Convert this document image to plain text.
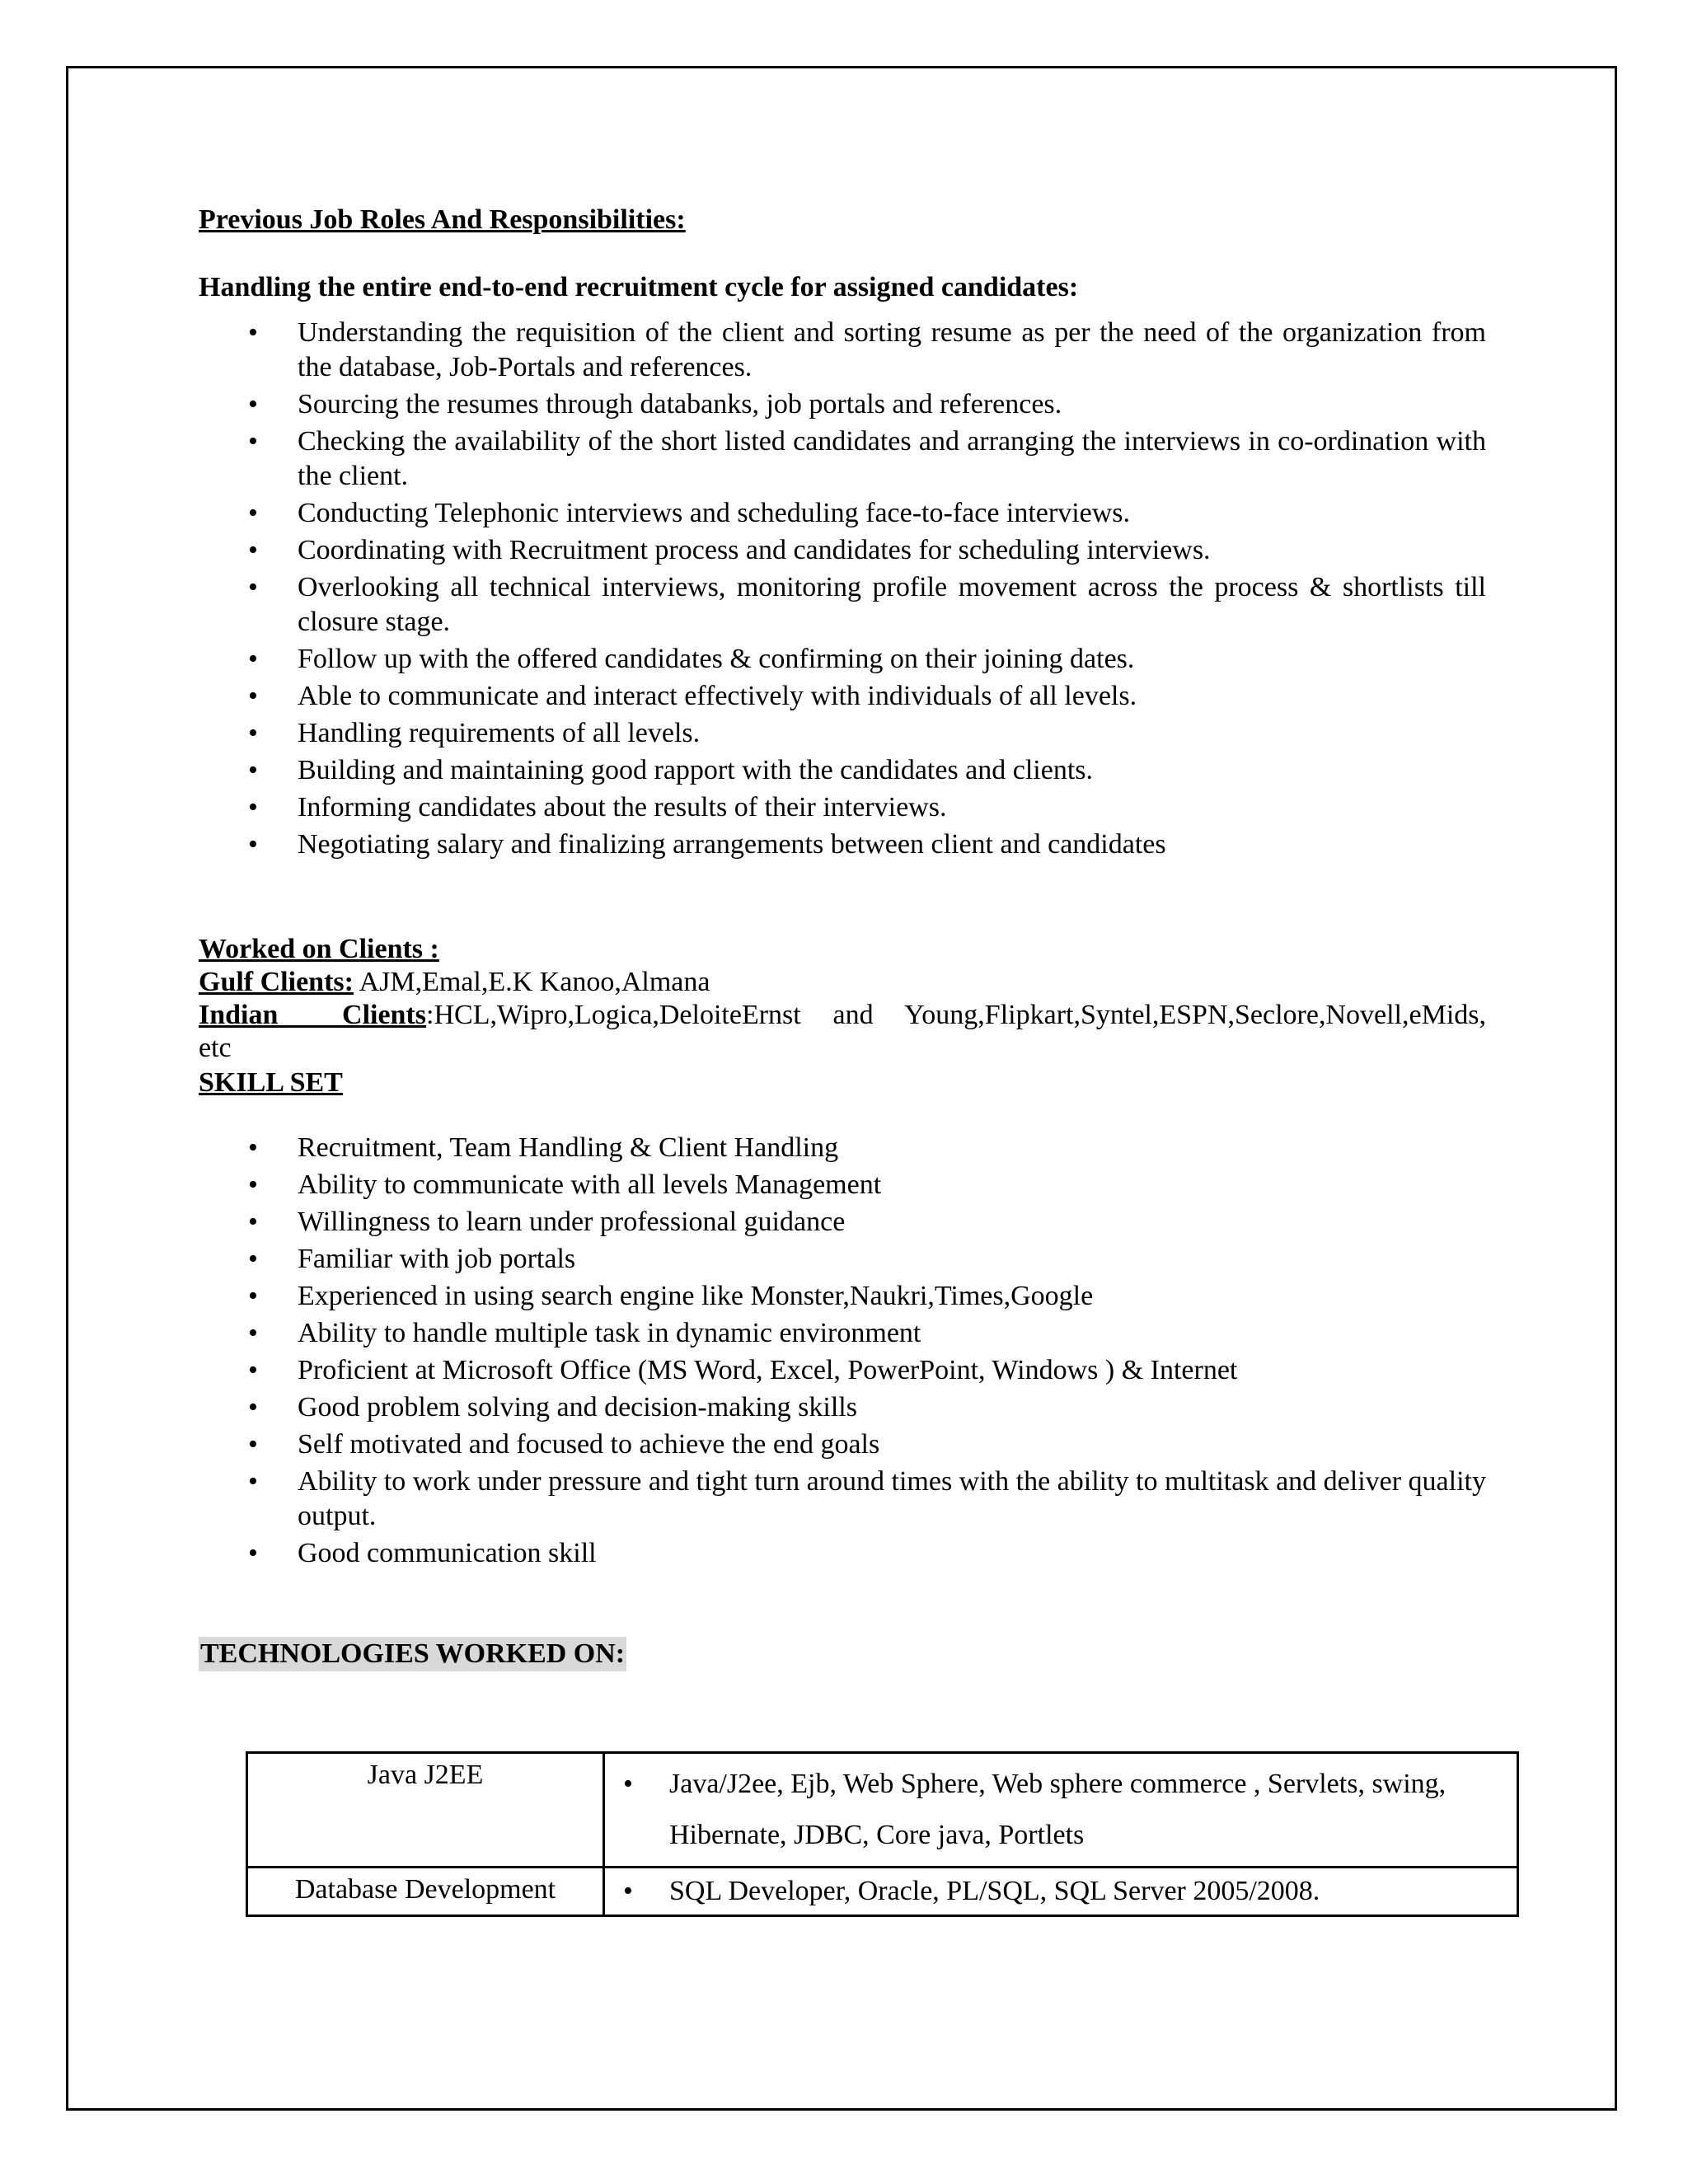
Previous Job Roles And Responsibilities:

Handling the entire end-to-end recruitment cycle for assigned candidates:

• Understanding the requisition of the client and sorting resume as per the need of the organization from the database, Job-Portals and references.
• Sourcing the resumes through databanks, job portals and references.
• Checking the availability of the short listed candidates and arranging the interviews in co-ordination with the client.
• Conducting Telephonic interviews and scheduling face-to-face interviews.
• Coordinating with Recruitment process and candidates for scheduling interviews.
• Overlooking all technical interviews, monitoring profile movement across the process & shortlists till closure stage.
• Follow up with the offered candidates & confirming on their joining dates.
• Able to communicate and interact effectively with individuals of all levels.
• Handling requirements of all levels.
• Building and maintaining good rapport with the candidates and clients.
• Informing candidates about the results of their interviews.
• Negotiating salary and finalizing arrangements between client and candidates

Worked on Clients :

Gulf Clients: AJM,Emal,E.K Kanoo,Almana

Indian  Clients:HCL,Wipro,Logica,DeloiteErnst and Young,Flipkart,Syntel,ESPN,Seclore,Novell,eMids,

etc

SKILL SET

• Recruitment, Team Handling & Client Handling
• Ability to communicate with all levels Management
• Willingness to learn under professional guidance
• Familiar with job portals
• Experienced in using search engine like Monster,Naukri,Times,Google
• Ability to handle multiple task in dynamic environment
• Proficient at Microsoft Office (MS Word, Excel, PowerPoint, Windows ) & Internet
• Good problem solving and decision-making skills
• Self motivated and focused to achieve the end goals
• Ability to work under pressure and tight turn around times with the ability to multitask and deliver quality output.
• Good communication skill
TECHNOLOGIES WORKED ON:
Java J2EE	• Java/J2ee, Ejb, Web Sphere, Web sphere commerce , Servlets, swing, Hibernate, JDBC, Core java, Portlets
Database Development	• SQL Developer, Oracle, PL/SQL, SQL Server 2005/2008.
